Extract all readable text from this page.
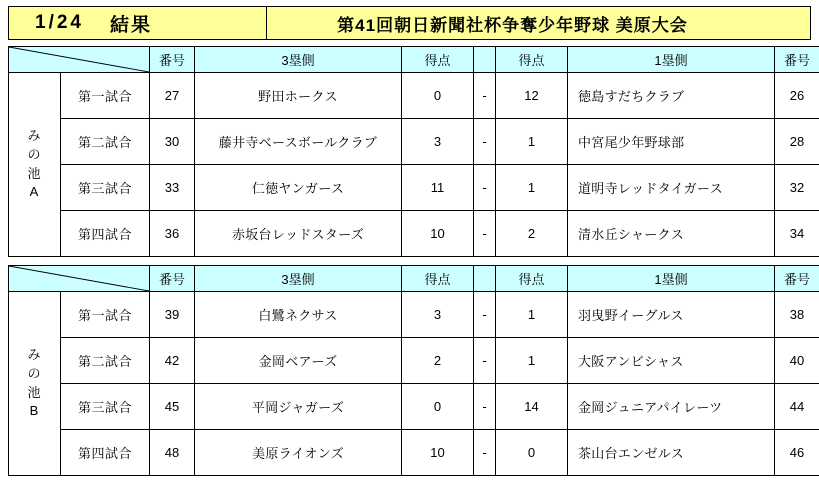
1/24 結果	第41回朝日新聞社杯争奪少年野球 美原大会
	番号	3塁側	得点		得点	1塁側	番号

み
の
池
A	第一試合	27	野田ホークス	0	-	12	徳島すだちクラブ	26
	第二試合	30	藤井寺ベースボールクラブ	3	-	1	中宮尾少年野球部	28
	第三試合	33	仁徳ヤンガース	11	-	1	道明寺レッドタイガース	32
	第四試合	36	赤坂台レッドスターズ	10	-	2	清水丘シャークス	34
	番号	3塁側	得点		得点	1塁側	番号

み
の
池
B	第一試合	39	白鷺ネクサス	3	-	1	羽曳野イーグルス	38
	第二試合	42	金岡ベアーズ	2	-	1	大阪アンビシャス	40
	第三試合	45	平岡ジャガーズ	0	-	14	金岡ジュニアパイレーツ	44
	第四試合	48	美原ライオンズ	10	-	0	茶山台エンゼルス	46
